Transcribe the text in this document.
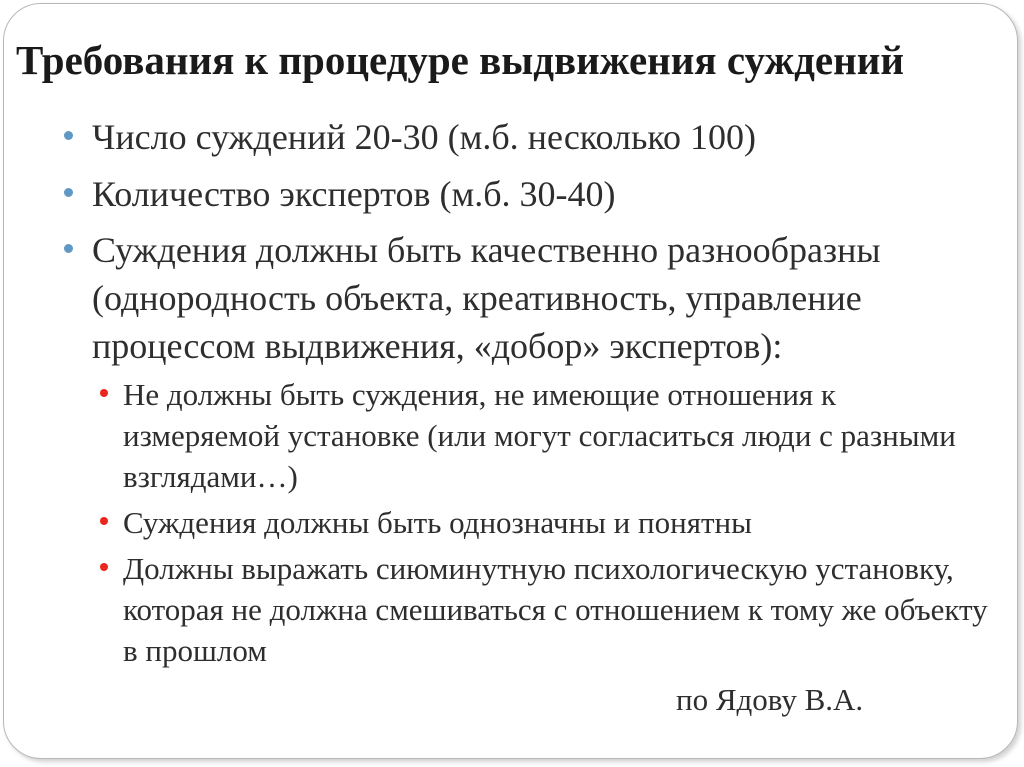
Требования к процедуре выдвижения суждений
Число суждений 20-30 (м.б. несколько 100)
Количество экспертов (м.б. 30-40)
Суждения должны быть качественно разнообразны (однородность объекта, креативность, управление процессом выдвижения, «добор» экспертов):
Не должны быть суждения, не имеющие отношения к измеряемой установке (или могут согласиться люди с разными взглядами…)
Суждения должны быть однозначны и понятны
Должны выражать сиюминутную психологическую установку, которая не должна смешиваться с отношением к тому же объекту в прошлом
по Ядову В.А.
